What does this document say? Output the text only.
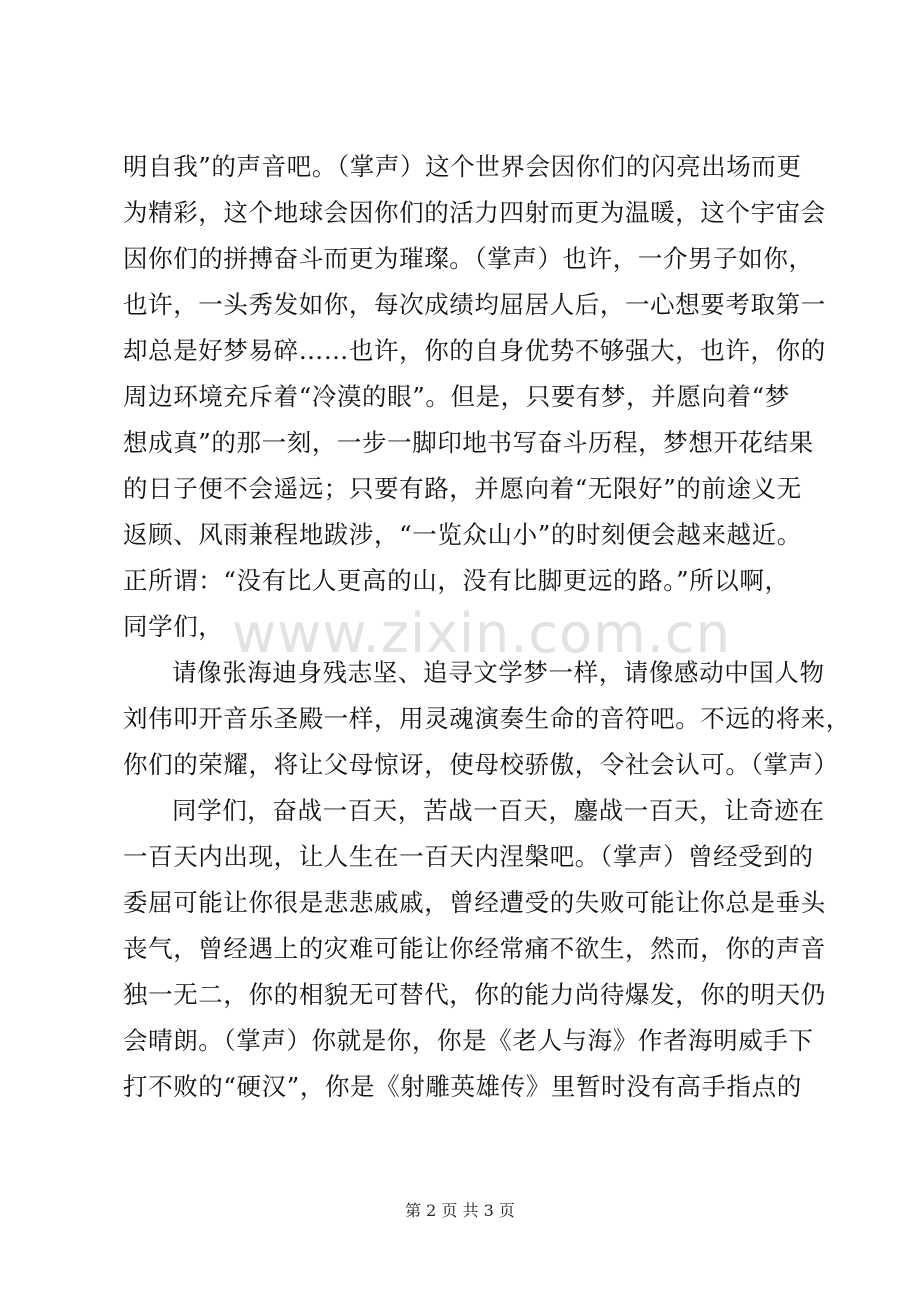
明自我”的声音吧。（掌声）这个世界会因你们的闪亮出场而更
为精彩，这个地球会因你们的活力四射而更为温暖，这个宇宙会
因你们的拼搏奋斗而更为璀璨。（掌声）也许，一介男子如你，
也许，一头秀发如你，每次成绩均屈居人后，一心想要考取第一
却总是好梦易碎……也许，你的自身优势不够强大，也许，你的
周边环境充斥着“冷漠的眼”。但是，只要有梦，并愿向着“梦
想成真”的那一刻，一步一脚印地书写奋斗历程，梦想开花结果
的日子便不会遥远；只要有路，并愿向着“无限好”的前途义无
返顾、风雨兼程地跋涉，“一览众山小”的时刻便会越来越近。
正所谓：“没有比人更高的山，没有比脚更远的路。”所以啊，
同学们，
请像张海迪身残志坚、追寻文学梦一样，请像感动中国人物
刘伟叩开音乐圣殿一样，用灵魂演奏生命的音符吧。不远的将来，
你们的荣耀，将让父母惊讶，使母校骄傲，令社会认可。（掌声）
同学们，奋战一百天，苦战一百天，鏖战一百天，让奇迹在
一百天内出现，让人生在一百天内涅槃吧。（掌声）曾经受到的
委屈可能让你很是悲悲戚戚，曾经遭受的失败可能让你总是垂头
丧气，曾经遇上的灾难可能让你经常痛不欲生，然而，你的声音
独一无二，你的相貌无可替代，你的能力尚待爆发，你的明天仍
会晴朗。（掌声）你就是你，你是《老人与海》作者海明威手下
打不败的“硬汉”，你是《射雕英雄传》里暂时没有高手指点的
www.zixin.com.cn
第 2 页 共 3 页
